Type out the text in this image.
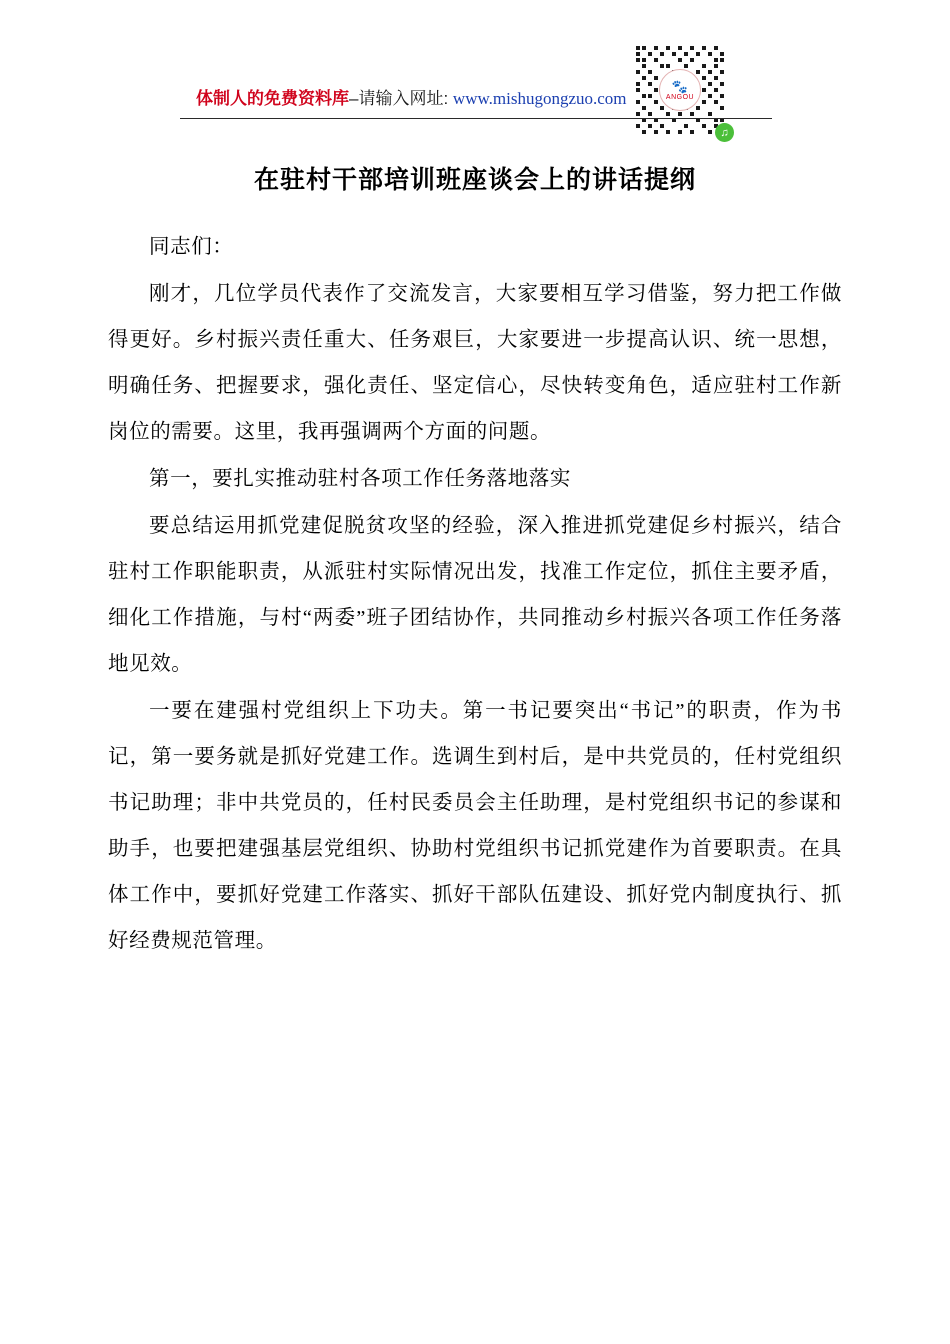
🐾
ANGOU
♫
体制人的免费资料库–请输入网址: www.mishugongzuo.com
在驻村干部培训班座谈会上的讲话提纲

同志们：

刚才，几位学员代表作了交流发言，大家要相互学习借鉴，努力把工作做得更好。乡村振兴责任重大、任务艰巨，大家要进一步提高认识、统一思想，明确任务、把握要求，强化责任、坚定信心，尽快转变角色，适应驻村工作新岗位的需要。这里，我再强调两个方面的问题。

第一，要扎实推动驻村各项工作任务落地落实

要总结运用抓党建促脱贫攻坚的经验，深入推进抓党建促乡村振兴，结合驻村工作职能职责，从派驻村实际情况出发，找准工作定位，抓住主要矛盾，细化工作措施，与村“两委”班子团结协作，共同推动乡村振兴各项工作任务落地见效。

一要在建强村党组织上下功夫。第一书记要突出“书记”的职责，作为书记，第一要务就是抓好党建工作。选调生到村后，是中共党员的，任村党组织书记助理；非中共党员的，任村民委员会主任助理，是村党组织书记的参谋和助手，也要把建强基层党组织、协助村党组织书记抓党建作为首要职责。在具体工作中，要抓好党建工作落实、抓好干部队伍建设、抓好党内制度执行、抓好经费规范管理。
